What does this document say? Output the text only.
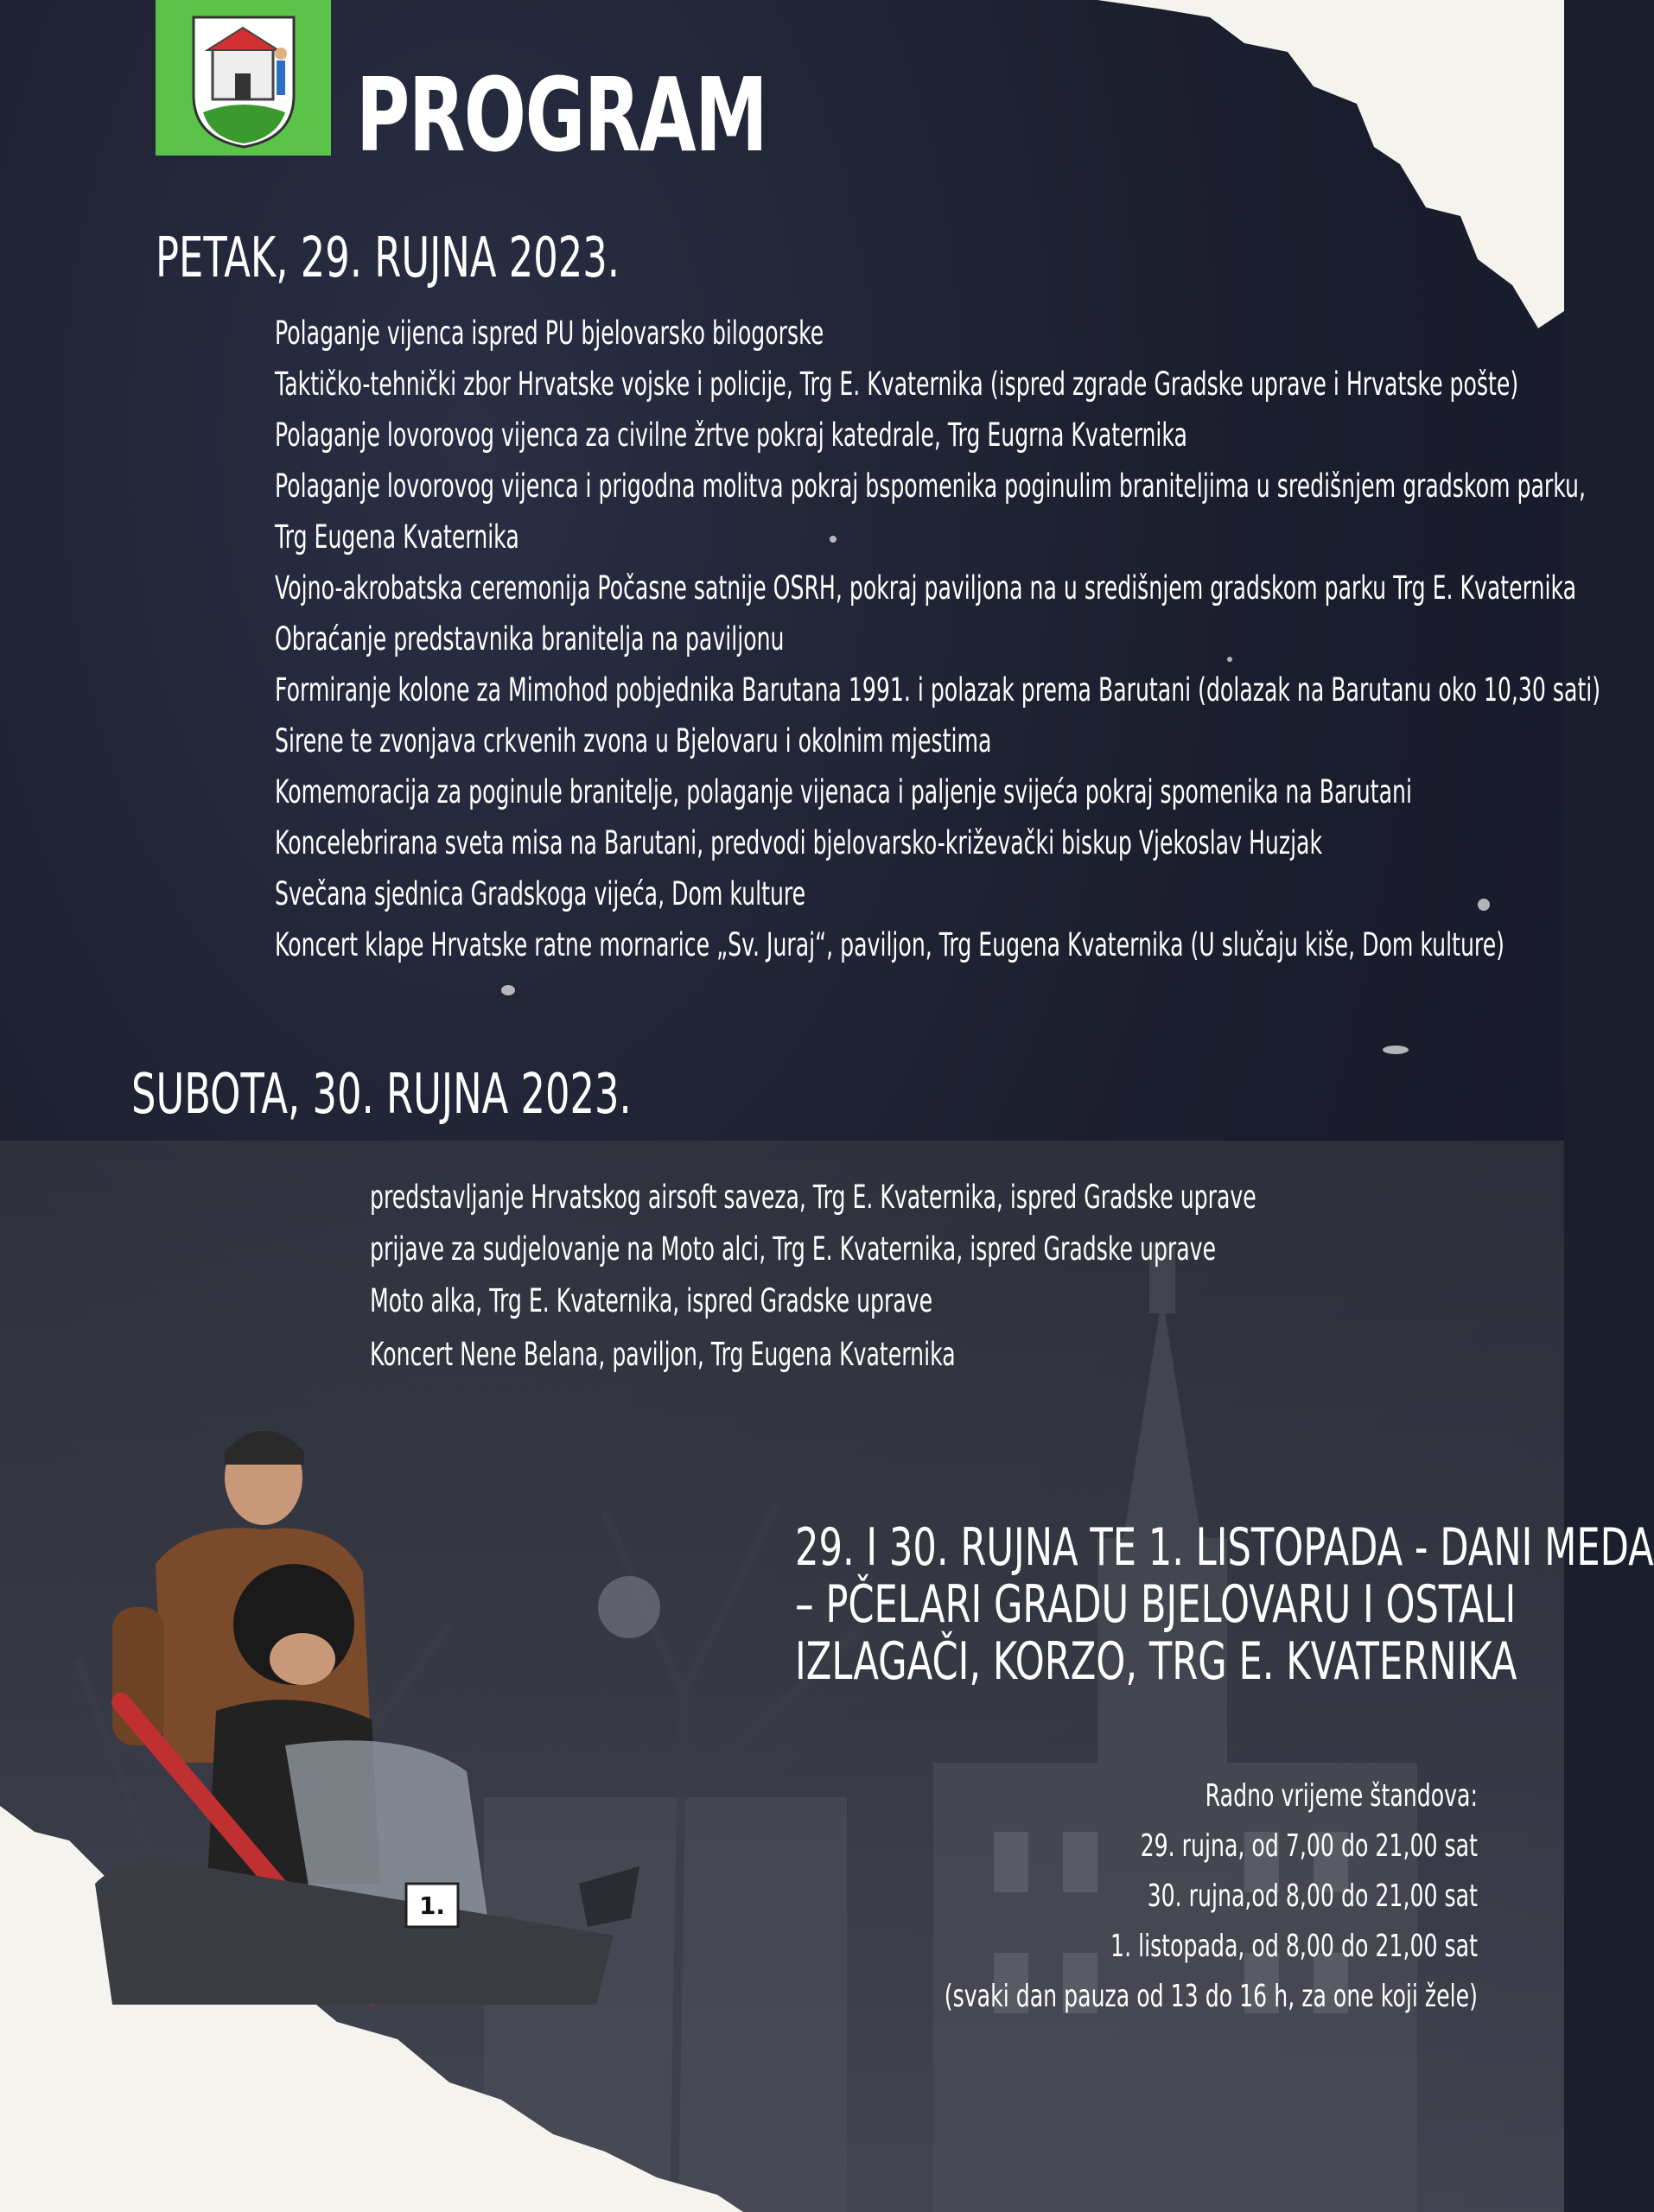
PROGRAM
PETAK, 29. RUJNA 2023.
Polaganje vijenca ispred PU bjelovarsko bilogorske
Taktičko-tehnički zbor Hrvatske vojske i policije, Trg E. Kvaternika (ispred zgrade Gradske uprave i Hrvatske pošte)
Polaganje lovorovog vijenca za civilne žrtve pokraj katedrale, Trg Eugrna Kvaternika
Polaganje lovorovog vijenca i prigodna molitva pokraj bspomenika poginulim braniteljima u središnjem gradskom parku,
Trg Eugena Kvaternika
Vojno-akrobatska ceremonija Počasne satnije OSRH, pokraj paviljona na u središnjem gradskom parku Trg E. Kvaternika
Obraćanje predstavnika branitelja na paviljonu
Formiranje kolone za Mimohod pobjednika Barutana 1991. i polazak prema Barutani (dolazak na Barutanu oko 10,30 sati)
Sirene te zvonjava crkvenih zvona u Bjelovaru i okolnim mjestima
Komemoracija za poginule branitelje, polaganje vijenaca i paljenje svijeća pokraj spomenika na Barutani
Koncelebrirana sveta misa na Barutani, predvodi bjelovarsko-križevački biskup Vjekoslav Huzjak
Svečana sjednica Gradskoga vijeća, Dom kulture
Koncert klape Hrvatske ratne mornarice „Sv. Juraj“, paviljon, Trg Eugena Kvaternika (U slučaju kiše, Dom kulture)
SUBOTA, 30. RUJNA 2023.
predstavljanje Hrvatskog airsoft saveza, Trg E. Kvaternika, ispred Gradske uprave
prijave za sudjelovanje na Moto alci, Trg E. Kvaternika, ispred Gradske uprave
Moto alka, Trg E. Kvaternika, ispred Gradske uprave
Koncert Nene Belana, paviljon, Trg Eugena Kvaternika
1.
29. I 30. RUJNA TE 1. LISTOPADA - DANI MEDA
– PČELARI GRADU BJELOVARU I OSTALI
IZLAGAČI, KORZO, TRG E. KVATERNIKA
Radno vrijeme štandova:
29. rujna, od 7,00 do 21,00 sat
30. rujna,od 8,00 do 21,00 sat
1. listopada, od 8,00 do 21,00 sat
(svaki dan pauza od 13 do 16 h, za one koji žele)
